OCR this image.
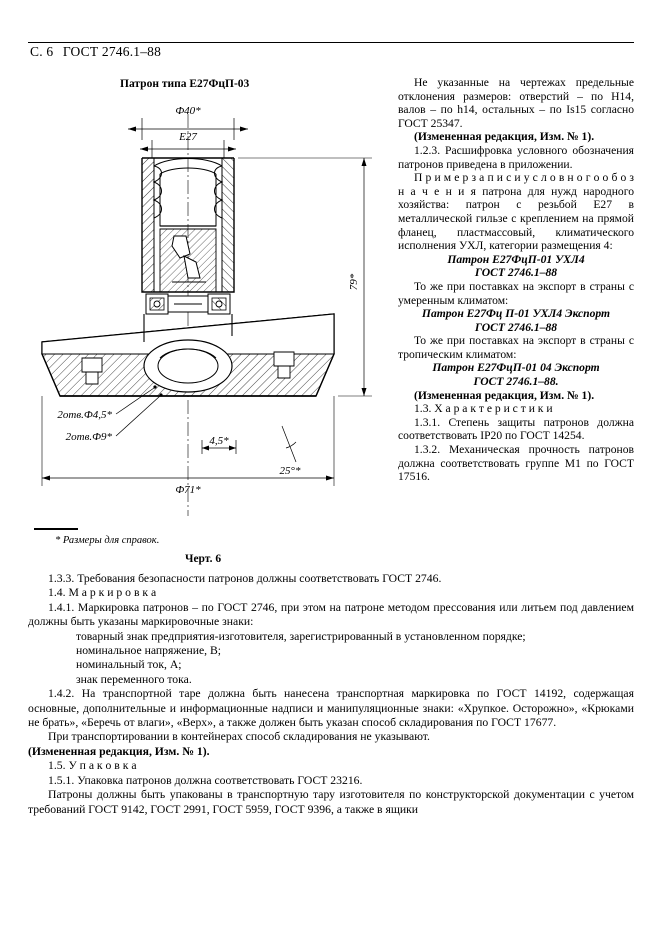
С. 6 ГОСТ 2746.1–88
Патрон типа Е27ФцП-03
Ф40*
Е27
79*
2отв.Ф4,5*
2отв.Ф9*	4,5*
25°*
Ф71*
* Размеры для справок.
Черт. 6

Не указанные на чертежах предельные отклонения размеров: отверстий – по Н14, валов – по h14, остальных – по Is15 согласно ГОСТ 25347.

(Измененная редакция, Изм. № 1).

1.2.3. Расшифровка условного обозначения патронов приведена в приложении.

П р и м е р з а п и с и у с л о в н о г о о б о з н а ч е н и я патрона для нужд народного хозяйства: патрон с резьбой Е27 в металлической гильзе с креплением на прямой фланец, пластмассовый, климатического исполнения УХЛ, категории размещения 4:

Патрон Е27ФцП-01 УХЛ4

ГОСТ 2746.1–88

То же при поставках на экспорт в страны с умеренным климатом:

Патрон Е27Фц П-01 УХЛ4 Экспорт

ГОСТ 2746.1–88

То же при поставках на экспорт в страны с тропическим климатом:

Патрон Е27ФцП-01 04 Экспорт

ГОСТ 2746.1–88.

(Измененная редакция, Изм. № 1).

1.3. Х а р а к т е р и с т и к и

1.3.1. Степень защиты патронов должна соответствовать IP20 по ГОСТ 14254.

1.3.2. Механическая прочность патронов должна соответствовать группе М1 по ГОСТ 17516.

1.3.3. Требования безопасности патронов должны соответствовать ГОСТ 2746.

1.4. М а р к и р о в к а

1.4.1. Маркировка патронов – по ГОСТ 2746, при этом на патроне методом прессования или литьем под давлением должны быть указаны маркировочные знаки:

товарный знак предприятия-изготовителя, зарегистрированный в установленном порядке;

номинальное напряжение, В;

номинальный ток, А;

знак переменного тока.

1.4.2. На транспортной таре должна быть нанесена транспортная маркировка по ГОСТ 14192, содержащая основные, дополнительные и информационные надписи и манипуляционные знаки: «Хрупкое. Осторожно», «Крюками не брать», «Беречь от влаги», «Верх», а также должен быть указан способ складирования по ГОСТ 17677.

При транспортировании в контейнерах способ складирования не указывают.

(Измененная редакция, Изм. № 1).

1.5. У п а к о в к а

1.5.1. Упаковка патронов должна соответствовать ГОСТ 23216.

Патроны должны быть упакованы в транспортную тару изготовителя по конструкторской документации с учетом требований ГОСТ 9142, ГОСТ 2991, ГОСТ 5959, ГОСТ 9396, а также в ящики
